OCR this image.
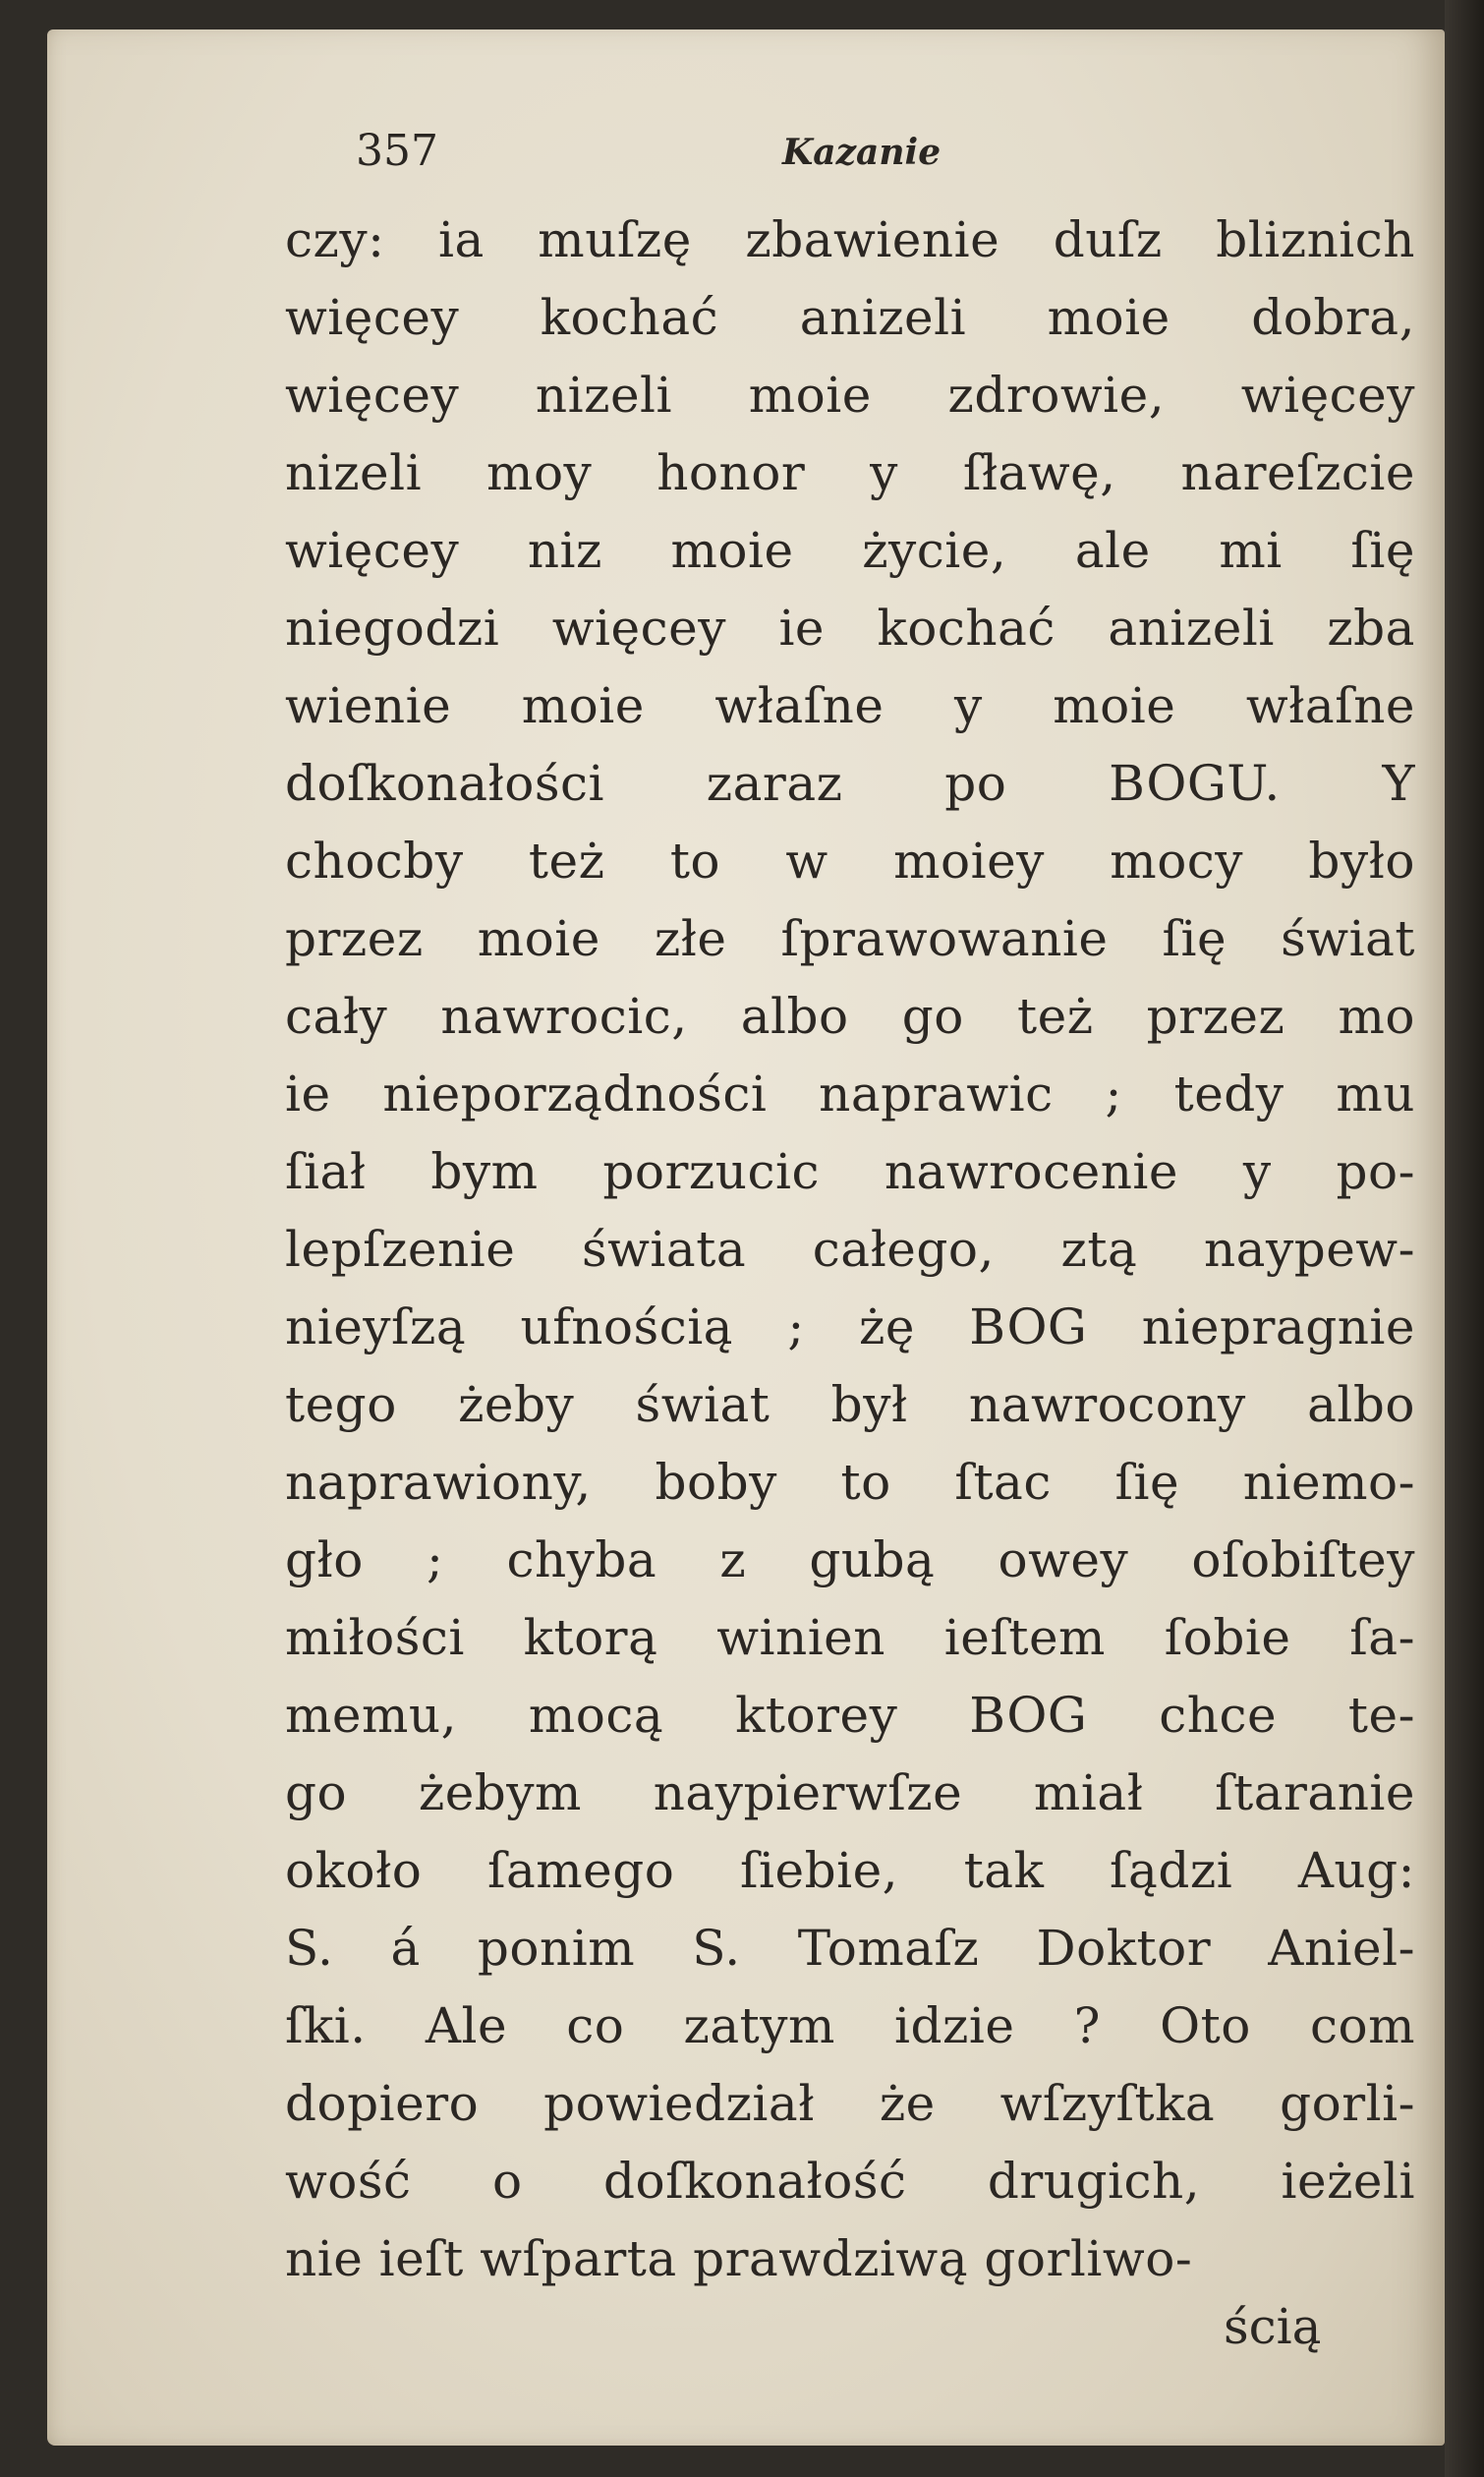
357	Kazanie
czy: ia muſzę zbawienie duſz bliznich
więcey kochać anizeli moie dobra,
więcey nizeli moie zdrowie, więcey
nizeli moy honor y ſławę, nareſzcie
więcey niz moie życie, ale mi ſię
niegodzi więcey ie kochać anizeli zba
wienie moie właſne y moie właſne
doſkonałości zaraz po BOGU. Y
chocby też to w moiey mocy było
przez moie złe ſprawowanie ſię świat
cały nawrocic, albo go też przez mo
ie nieporządności naprawic ; tedy mu
ſiał bym porzucic nawrocenie y po-
lepſzenie świata całego, ztą naypew-
nieyſzą ufnością ; żę BOG niepragnie
tego żeby świat był nawrocony albo
naprawiony, boby to ſtac ſię niemo-
gło ; chyba z gubą owey oſobiſtey
miłości ktorą winien ieſtem ſobie ſa-
memu, mocą ktorey BOG chce te-
go żebym naypierwſze miał ſtaranie
około ſamego ſiebie, tak ſądzi Aug:
S. á ponim S. Tomaſz Doktor Aniel-
ſki. Ale co zatym idzie ? Oto com
dopiero powiedział że wſzyſtka gorli-
wość o doſkonałość drugich, ieżeli
nie ieſt wſparta prawdziwą gorliwo-
ścią
